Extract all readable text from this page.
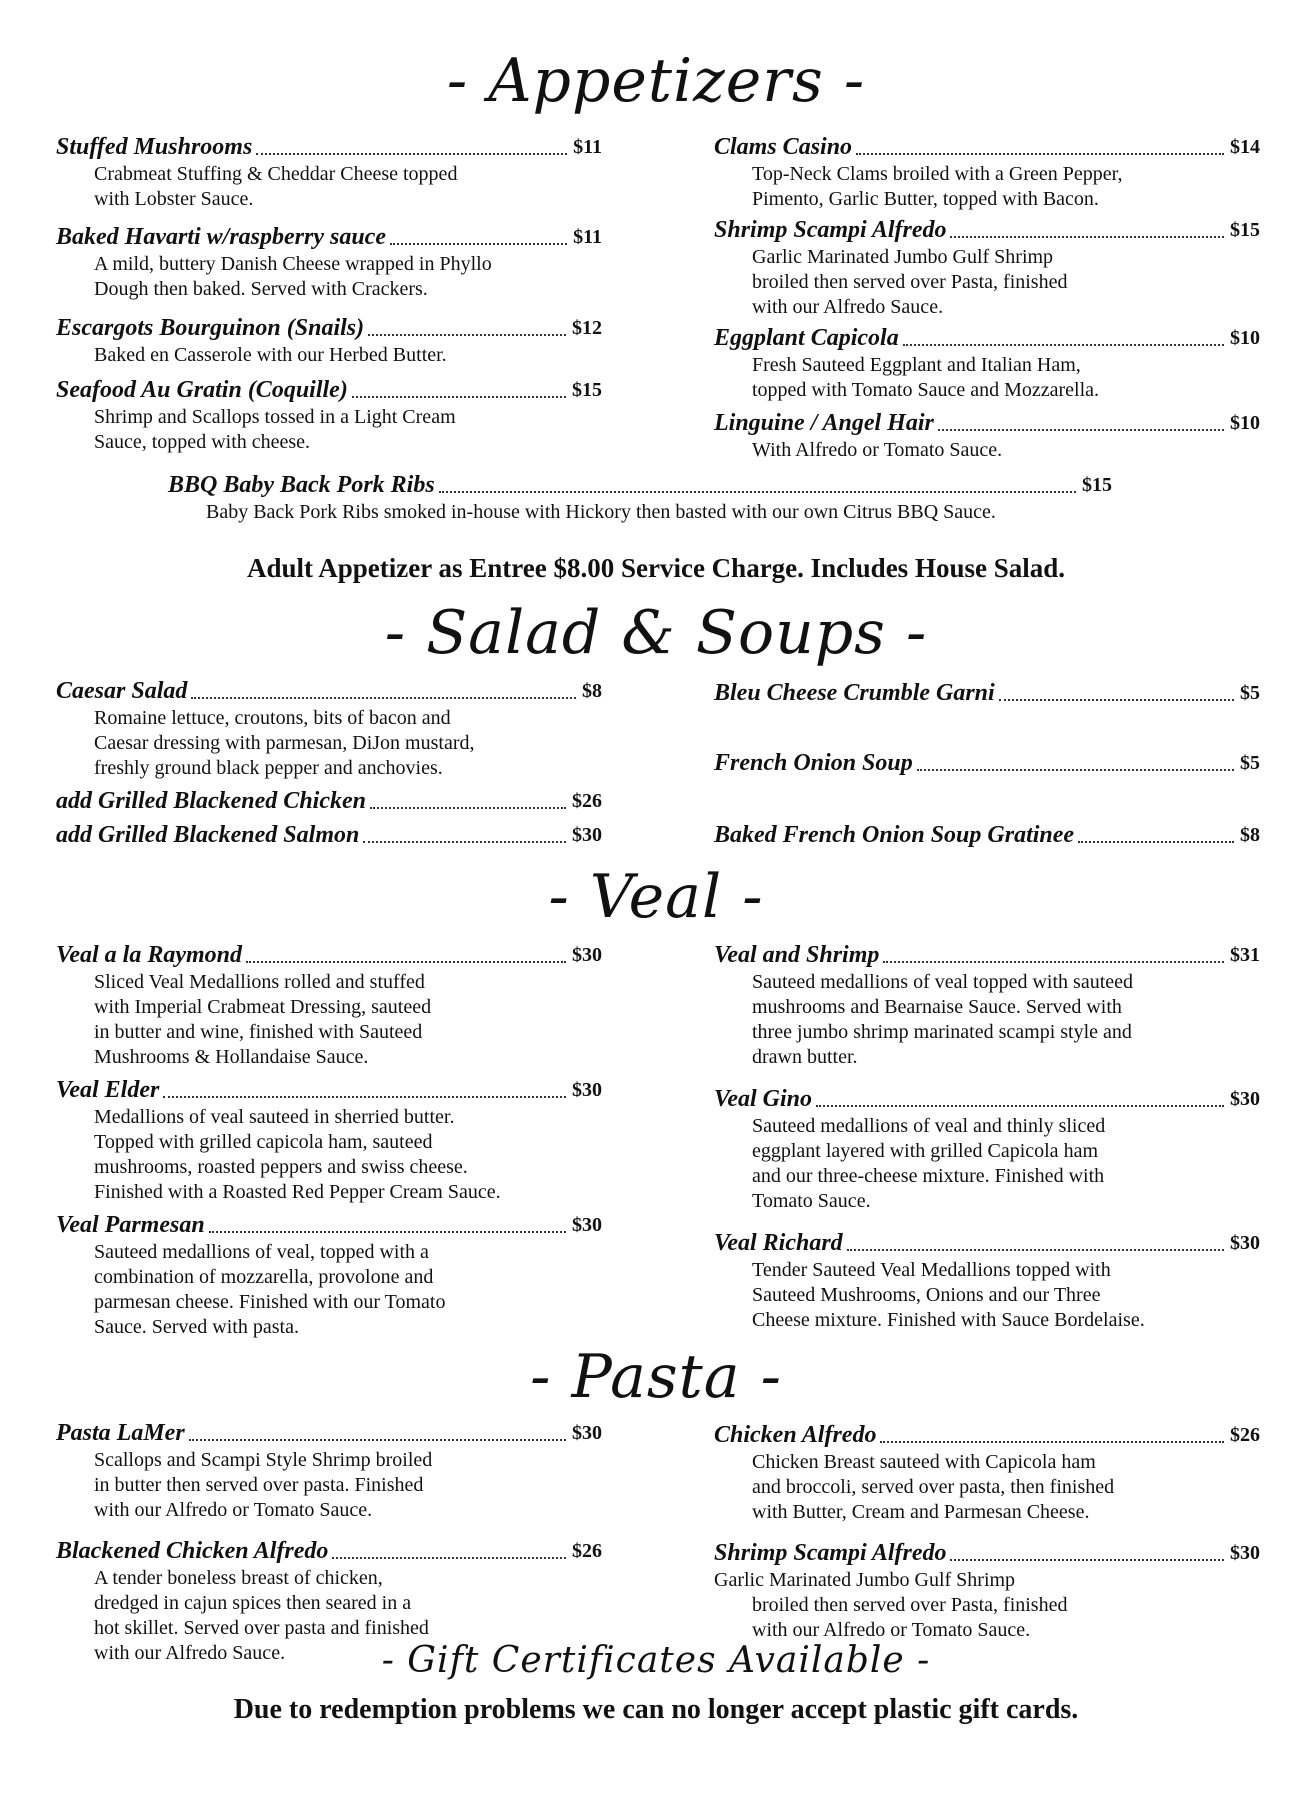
- Appetizers -
Stuffed Mushrooms	$11
Crabmeat Stuffing & Cheddar Cheese topped
with Lobster Sauce.
Baked Havarti w/raspberry sauce	$11
A mild, buttery Danish Cheese wrapped in Phyllo
Dough then baked. Served with Crackers.
Escargots Bourguinon (Snails)	$12
Baked en Casserole with our Herbed Butter.
Seafood Au Gratin (Coquille)	$15
Shrimp and Scallops tossed in a Light Cream
Sauce, topped with cheese.
Clams Casino	$14
Top-Neck Clams broiled with a Green Pepper,
Pimento, Garlic Butter, topped with Bacon.
Shrimp Scampi Alfredo	$15
Garlic Marinated Jumbo Gulf Shrimp
broiled then served over Pasta, finished
with our Alfredo Sauce.
Eggplant Capicola	$10
Fresh Sauteed Eggplant and Italian Ham,
topped with Tomato Sauce and Mozzarella.
Linguine / Angel Hair	$10
With Alfredo or Tomato Sauce.
BBQ Baby Back Pork Ribs	$15
Baby Back Pork Ribs smoked in-house with Hickory then basted with our own Citrus BBQ Sauce.
Adult Appetizer as Entree $8.00 Service Charge. Includes House Salad.
- Salad & Soups -
Caesar Salad	$8
Romaine lettuce, croutons, bits of bacon and
Caesar dressing with parmesan, DiJon mustard,
freshly ground black pepper and anchovies.
add Grilled Blackened Chicken	$26
add Grilled Blackened Salmon	$30
Bleu Cheese Crumble Garni	$5
French Onion Soup	$5
Baked French Onion Soup Gratinee	$8
- Veal -
Veal a la Raymond	$30
Sliced Veal Medallions rolled and stuffed
with Imperial Crabmeat Dressing, sauteed
in butter and wine, finished with Sauteed
Mushrooms & Hollandaise Sauce.
Veal Elder	$30
Medallions of veal sauteed in sherried butter.
Topped with grilled capicola ham, sauteed
mushrooms, roasted peppers and swiss cheese.
Finished with a Roasted Red Pepper Cream Sauce.
Veal Parmesan	$30
Sauteed medallions of veal, topped with a
combination of mozzarella, provolone and
parmesan cheese. Finished with our Tomato
Sauce. Served with pasta.
Veal and Shrimp	$31
Sauteed medallions of veal topped with sauteed
mushrooms and Bearnaise Sauce. Served with
three jumbo shrimp marinated scampi style and
drawn butter.
Veal Gino	$30
Sauteed medallions of veal and thinly sliced
eggplant layered with grilled Capicola ham
and our three-cheese mixture. Finished with
Tomato Sauce.
Veal Richard	$30
Tender Sauteed Veal Medallions topped with
Sauteed Mushrooms, Onions and our Three
Cheese mixture. Finished with Sauce Bordelaise.
- Pasta -
Pasta LaMer	$30
Scallops and Scampi Style Shrimp broiled
in butter then served over pasta. Finished
with our Alfredo or Tomato Sauce.
Blackened Chicken Alfredo	$26
A tender boneless breast of chicken,
dredged in cajun spices then seared in a
hot skillet. Served over pasta and finished
with our Alfredo Sauce.
Chicken Alfredo	$26
Chicken Breast sauteed with Capicola ham
and broccoli, served over pasta, then finished
with Butter, Cream and Parmesan Cheese.
Shrimp Scampi Alfredo	$30
Garlic Marinated Jumbo Gulf Shrimp
broiled then served over Pasta, finished
with our Alfredo or Tomato Sauce.
- Gift Certificates Available -
Due to redemption problems we can no longer accept plastic gift cards.
